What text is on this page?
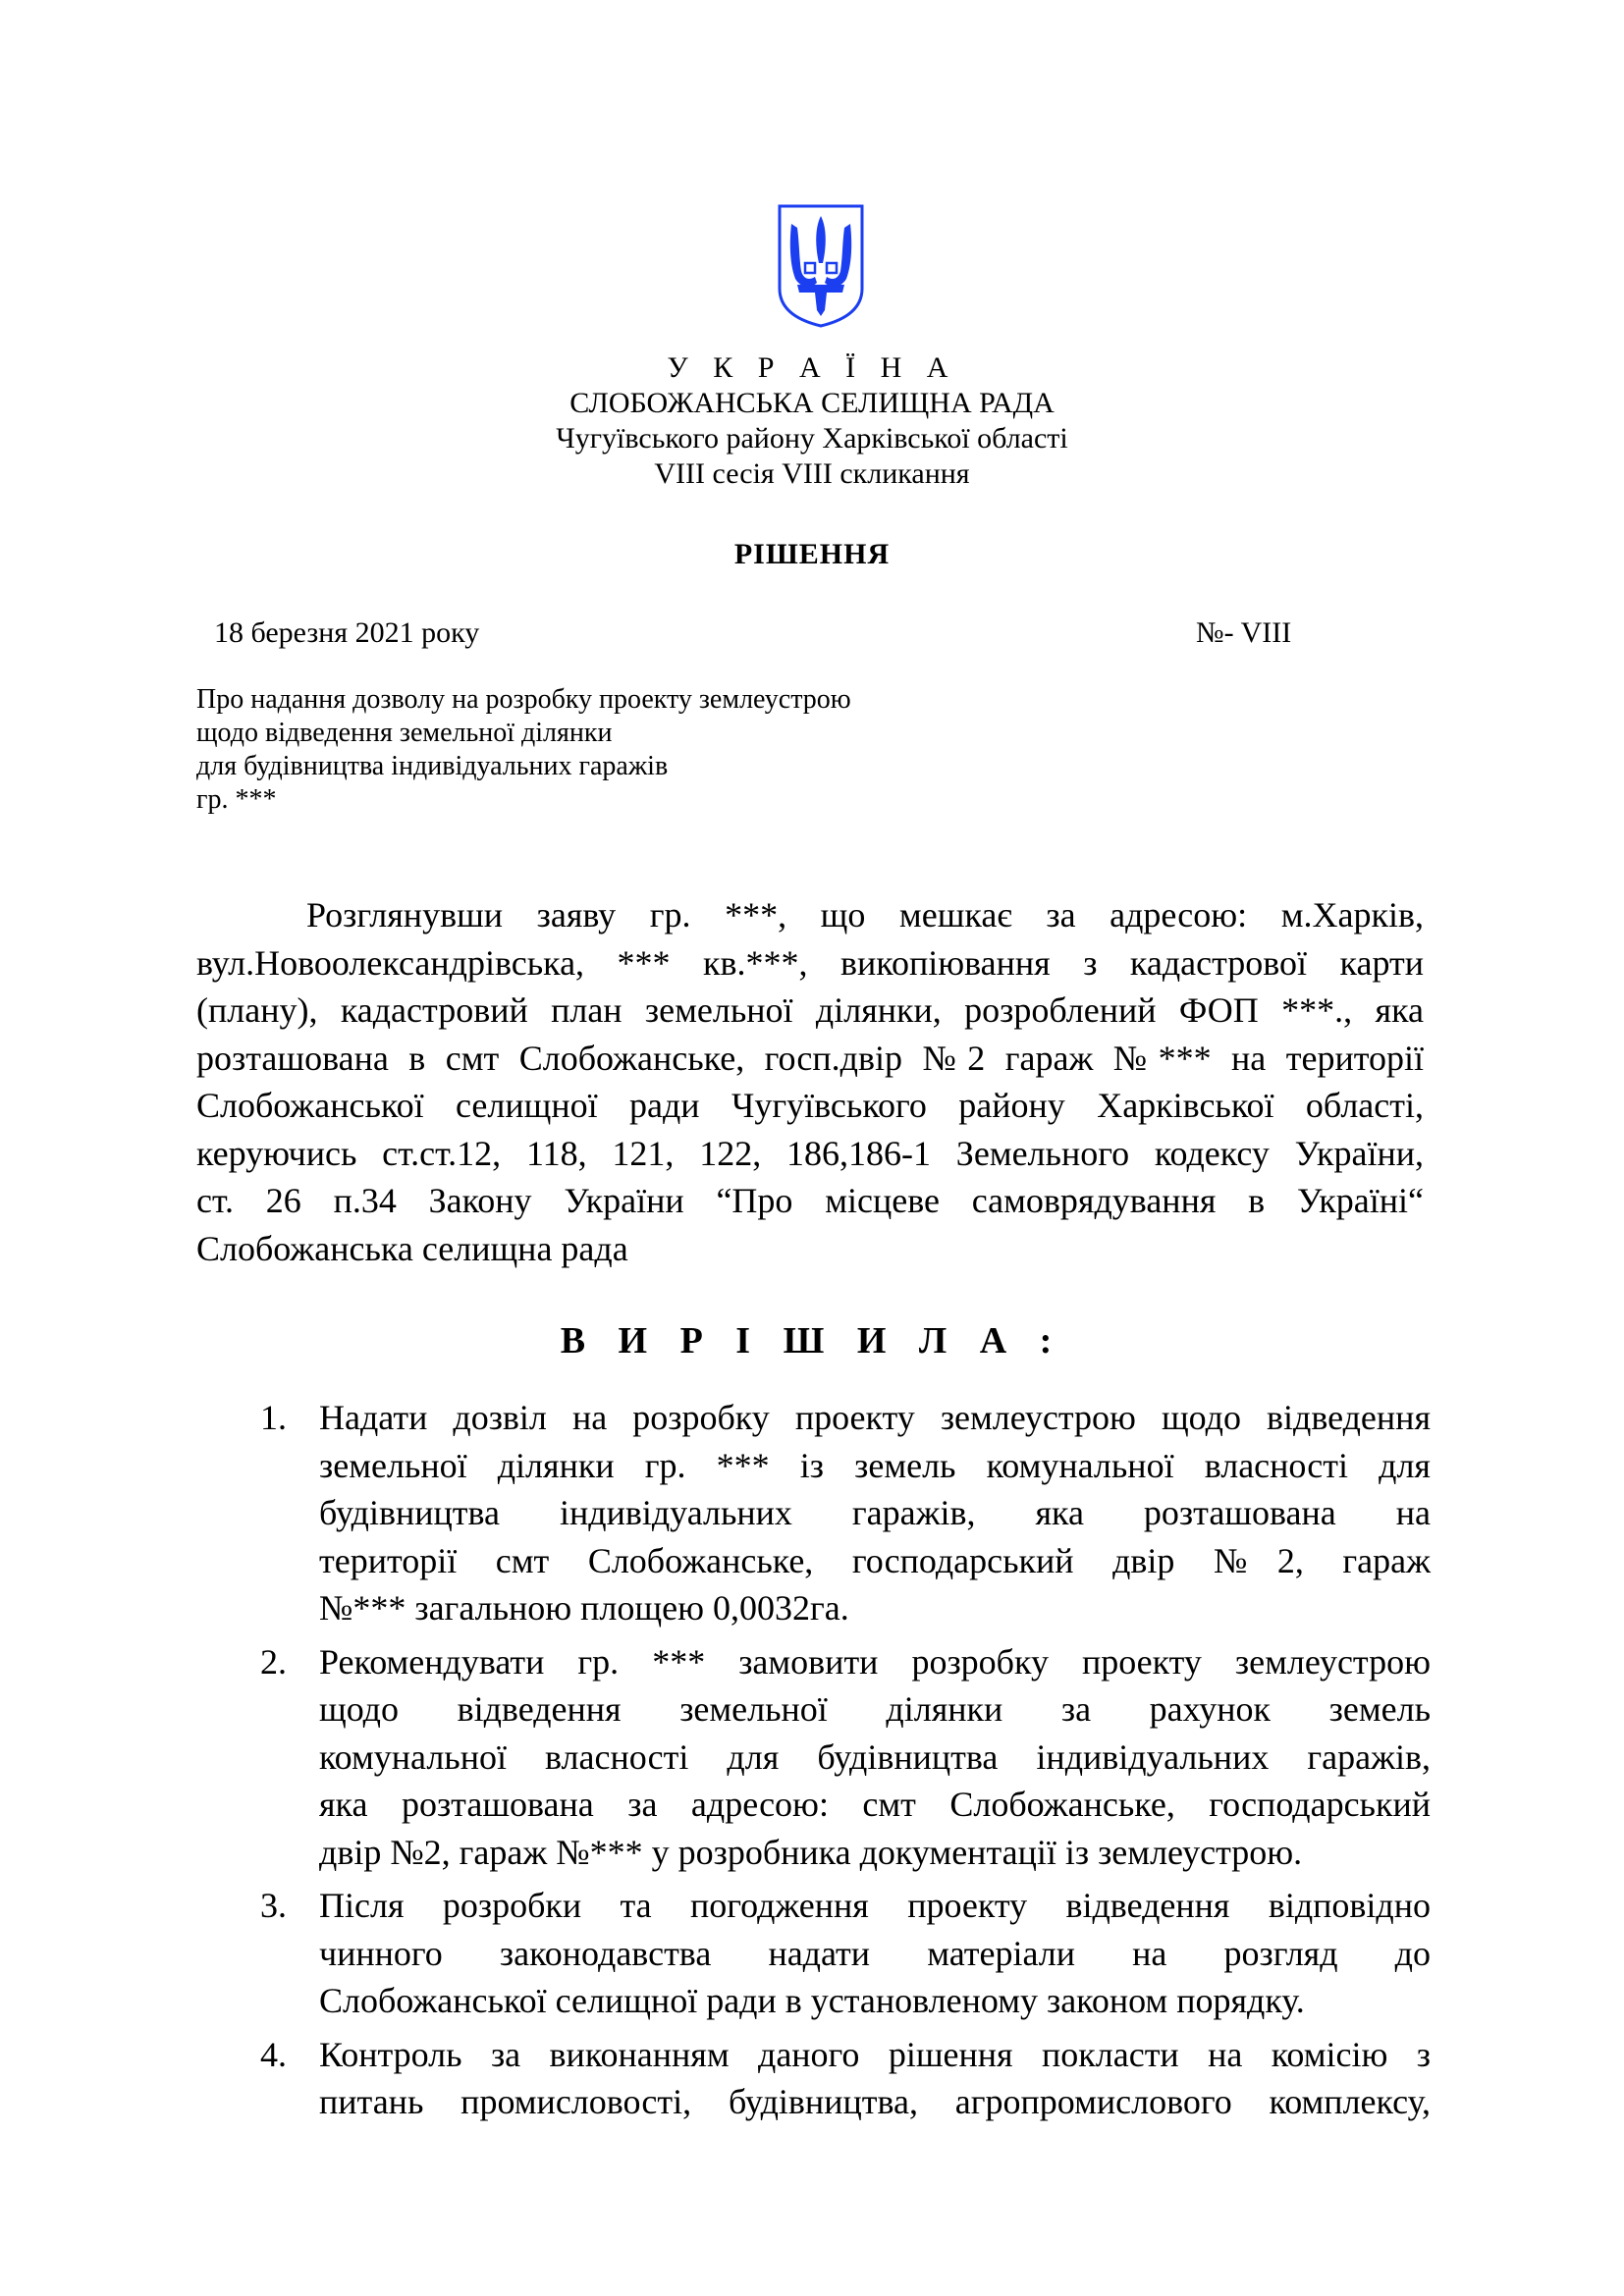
У К Р А Ї Н А
СЛОБОЖАНСЬКА СЕЛИЩНА РАДА
Чугуївського району Харківської області
VIII сесія VIII скликання
РІШЕННЯ
18 березня 2021 року	№- VIII
Про надання дозволу на розробку проекту землеустрою
щодо відведення земельної ділянки
для будівництва індивідуальних гаражів
гр. ***
Розглянувши заяву гр. ***, що мешкає за адресою: м.Харків,
вул.Новоолександрівська, *** кв.***, викопіювання з кадастрової карти
(плану), кадастровий план земельної ділянки, розроблений ФОП ***., яка
розташована в смт Слобожанське, госп.двір №2 гараж №*** на території
Слобожанської селищної ради Чугуївського району Харківської області,
керуючись ст.ст.12, 118, 121, 122, 186,186-1 Земельного кодексу України,
ст. 26 п.34 Закону України “Про місцеве самоврядування в Україні“
Слобожанська селищна рада
В И Р І Ш И Л А :
1. Надати дозвіл на розробку проекту землеустрою щодо відведення
земельної ділянки гр. *** із земель комунальної власності для
будівництва індивідуальних гаражів, яка розташована на
території смт Слобожанське, господарський двір №2, гараж
№*** загальною площею 0,0032га.
2. Рекомендувати гр. *** замовити розробку проекту землеустрою
щодо відведення земельної ділянки за рахунок земель
комунальної власності для будівництва індивідуальних гаражів,
яка розташована за адресою: смт Слобожанське, господарський
двір №2, гараж №*** у розробника документації із землеустрою.
3. Після розробки та погодження проекту відведення відповідно
чинного законодавства надати матеріали на розгляд до
Слобожанської селищної ради в установленому законом порядку.
4. Контроль за виконанням даного рішення покласти на комісію з
питань промисловості, будівництва, агропромислового комплексу,
